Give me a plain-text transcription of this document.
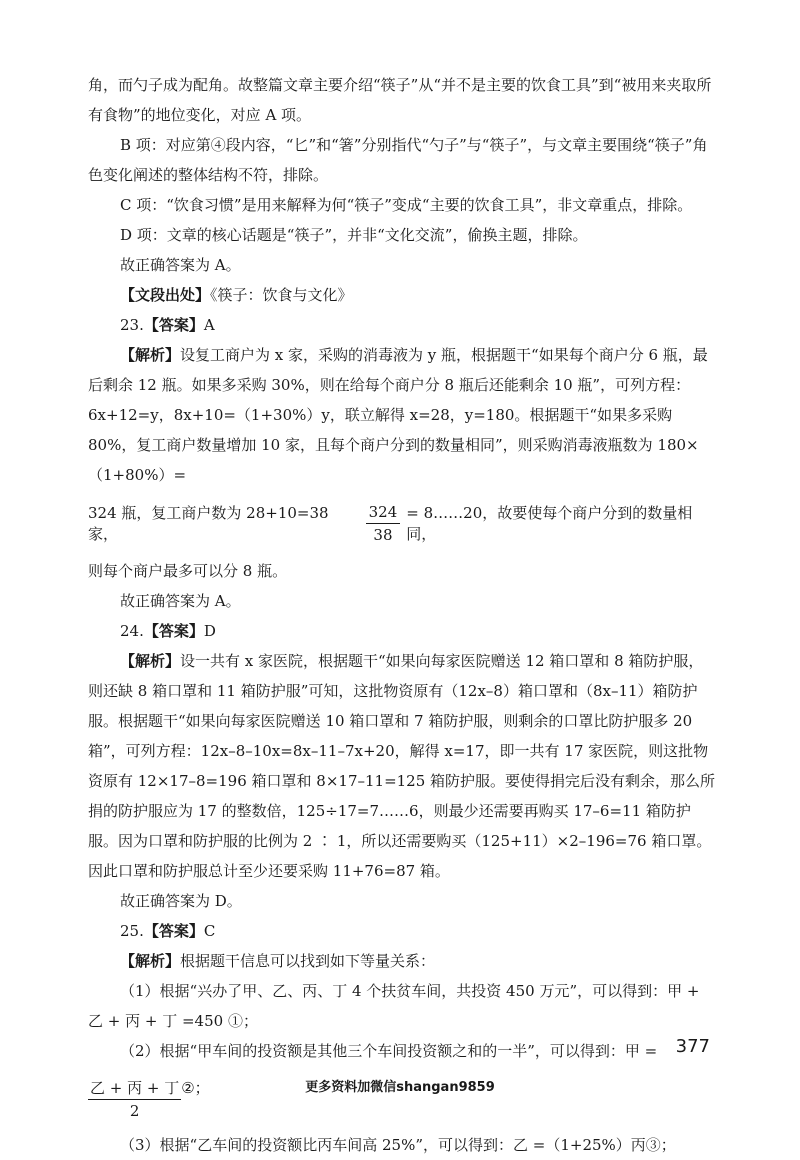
角，而勺子成为配角。故整篇文章主要介绍“筷子”从“并不是主要的饮食工具”到“被用来夹取所有食物”的地位变化，对应 A 项。

B 项：对应第④段内容，“匕”和“箸”分别指代“勺子”与“筷子”，与文章主要围绕“筷子”角色变化阐述的整体结构不符，排除。

C 项：“饮食习惯”是用来解释为何“筷子”变成“主要的饮食工具”，非文章重点，排除。

D 项：文章的核心话题是“筷子”，并非“文化交流”，偷换主题，排除。

故正确答案为 A。

【文段出处】《筷子：饮食与文化》

23.【答案】A

【解析】设复工商户为 x 家，采购的消毒液为 y 瓶，根据题干“如果每个商户分 6 瓶，最后剩余 12 瓶。如果多采购 30%，则在给每个商户分 8 瓶后还能剩余 10 瓶”，可列方程：6x+12=y，8x+10=（1+30%）y，联立解得 x=28，y=180。根据题干“如果多采购 80%，复工商户数量增加 10 家，且每个商户分到的数量相同”，则采购消毒液瓶数为 180×（1+80%）=

324 瓶，复工商户数为 28+10=38 家，	$\frac{324}{38}$ = 8……20，故要使每个商户分到的数量相同，

则每个商户最多可以分 8 瓶。

故正确答案为 A。

24.【答案】D

【解析】设一共有 x 家医院，根据题干“如果向每家医院赠送 12 箱口罩和 8 箱防护服，则还缺 8 箱口罩和 11 箱防护服”可知，这批物资原有（12x–8）箱口罩和（8x–11）箱防护服。根据题干“如果向每家医院赠送 10 箱口罩和 7 箱防护服，则剩余的口罩比防护服多 20 箱”，可列方程：12x–8–10x=8x–11–7x+20，解得 x=17，即一共有 17 家医院，则这批物资原有 12×17–8=196 箱口罩和 8×17–11=125 箱防护服。要使得捐完后没有剩余，那么所捐的防护服应为 17 的整数倍，125÷17=7……6，则最少还需要再购买 17–6=11 箱防护服。因为口罩和防护服的比例为 2 ∶ 1，所以还需要购买（125+11）×2–196=76 箱口罩。因此口罩和防护服总计至少还要采购 11+76=87 箱。

故正确答案为 D。

25.【答案】C

【解析】根据题干信息可以找到如下等量关系：

（1）根据“兴办了甲、乙、丙、丁 4 个扶贫车间，共投资 450 万元”，可以得到：甲 + 乙 + 丙 + 丁 =450 ①；

（2）根据“甲车间的投资额是其他三个车间投资额之和的一半”，可以得到：甲 =

$\frac{\text{乙 + 丙 + 丁}}{2}$ ②；

（3）根据“乙车间的投资额比丙车间高 25%”，可以得到：乙 =（1+25%）丙③；

377
更多资料加微信shangan9859
